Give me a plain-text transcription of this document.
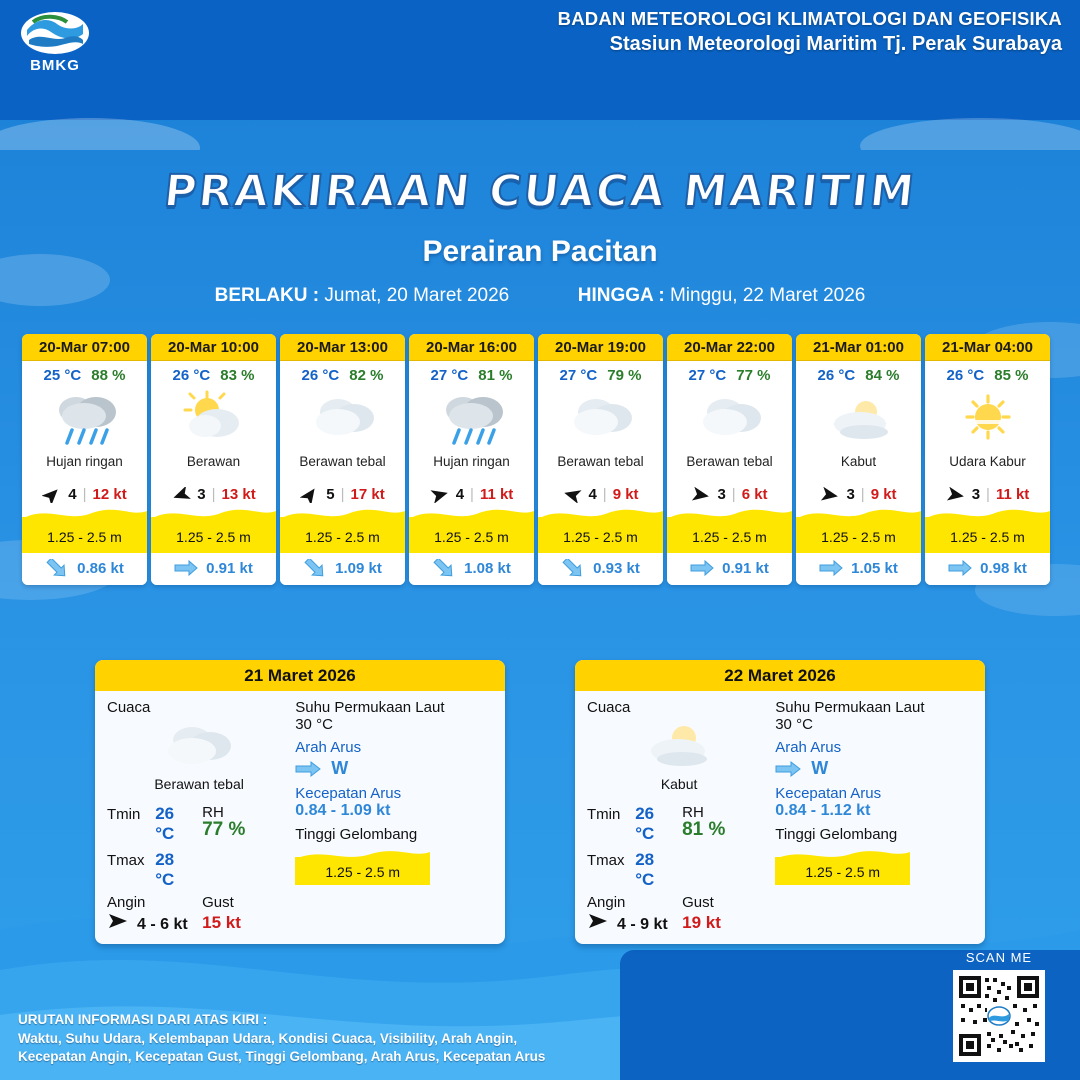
BMKG
BADAN METEOROLOGI KLIMATOLOGI DAN GEOFISIKA
Stasiun Meteorologi Maritim Tj. Perak Surabaya
PRAKIRAAN CUACA MARITIM
Perairan Pacitan
BERLAKU : Jumat, 20 Maret 2026	HINGGA : Minggu, 22 Maret 2026
20-Mar 07:00
25 °C 88 %
Hujan ringan
4 | 12 kt
1.25 - 2.5 m
0.86 kt
20-Mar 10:00
26 °C 83 %
Berawan
3 | 13 kt
1.25 - 2.5 m
0.91 kt
20-Mar 13:00
26 °C 82 %
Berawan tebal
5 | 17 kt
1.25 - 2.5 m
1.09 kt
20-Mar 16:00
27 °C 81 %
Hujan ringan
4 | 11 kt
1.25 - 2.5 m
1.08 kt
20-Mar 19:00
27 °C 79 %
Berawan tebal
4 | 9 kt
1.25 - 2.5 m
0.93 kt
20-Mar 22:00
27 °C 77 %
Berawan tebal
3 | 6 kt
1.25 - 2.5 m
0.91 kt
21-Mar 01:00
26 °C 84 %
Kabut
3 | 9 kt
1.25 - 2.5 m
1.05 kt
21-Mar 04:00
26 °C 85 %
Udara Kabur
3 | 11 kt
1.25 - 2.5 m
0.98 kt
21 Maret 2026
Cuaca
Berawan tebal
Tmin 26 °C
Tmax 28 °C
RH
77 %
Angin
4 - 6 kt
Gust
15 kt
Suhu Permukaan Laut
30 °C
Arah Arus
W
Kecepatan Arus
0.84 - 1.09 kt
Tinggi Gelombang
1.25 - 2.5 m
22 Maret 2026
Cuaca
Kabut
Tmin 26 °C
Tmax 28 °C
RH
81 %
Angin
4 - 9 kt
Gust
19 kt
Suhu Permukaan Laut
30 °C
Arah Arus
W
Kecepatan Arus
0.84 - 1.12 kt
Tinggi Gelombang
1.25 - 2.5 m
URUTAN INFORMASI DARI ATAS KIRI :
Waktu, Suhu Udara, Kelembapan Udara, Kondisi Cuaca, Visibility, Arah Angin,
Kecepatan Angin, Kecepatan Gust, Tinggi Gelombang, Arah Arus, Kecepatan Arus
SCAN ME
